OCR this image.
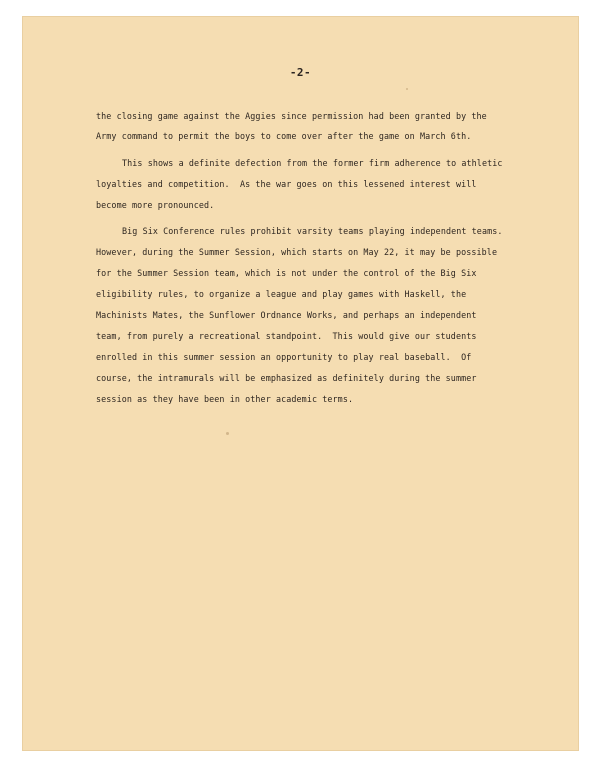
-2-

the closing game against the Aggies since permission had been granted by the

Army command to permit the boys to come over after the game on March 6th.

This shows a definite defection from the former firm adherence to athletic

loyalties and competition.  As the war goes on this lessened interest will

become more pronounced.

Big Six Conference rules prohibit varsity teams playing independent teams.

However, during the Summer Session, which starts on May 22, it may be possible

for the Summer Session team, which is not under the control of the Big Six

eligibility rules, to organize a league and play games with Haskell, the

Machinists Mates, the Sunflower Ordnance Works, and perhaps an independent

team, from purely a recreational standpoint.  This would give our students

enrolled in this summer session an opportunity to play real baseball.  Of

course, the intramurals will be emphasized as definitely during the summer

session as they have been in other academic terms.
